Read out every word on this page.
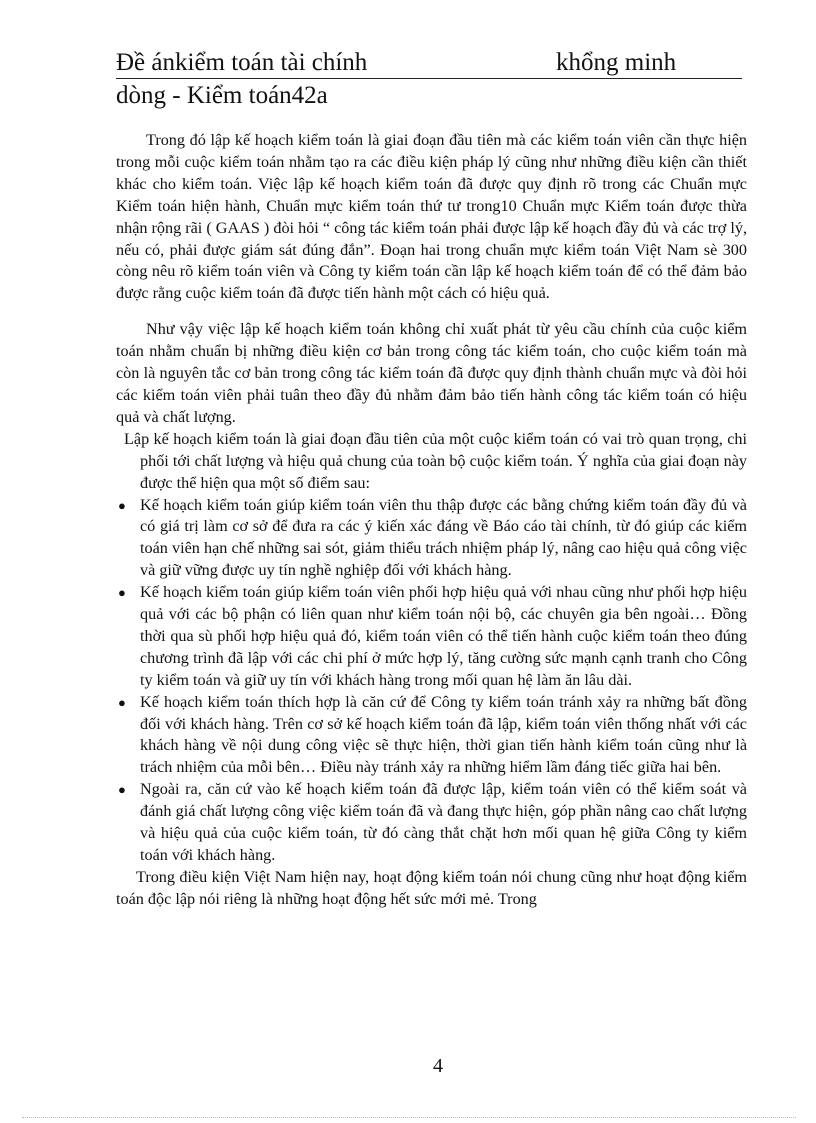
Đề ánkiểm toán tài chính	khổng minh
dòng - Kiểm toán42a

Trong đó lập kế hoạch kiểm toán là giai đoạn đầu tiên mà các kiểm toán viên cần thực hiện trong mỗi cuộc kiểm toán nhằm tạo ra các điều kiện pháp lý cũng như những điều kiện cần thiết khác cho kiểm toán. Việc lập kế hoạch kiểm toán đã được quy định rõ trong các Chuẩn mực Kiểm toán hiện hành, Chuẩn mực kiểm toán thứ tư trong10 Chuẩn mực Kiểm toán được thừa nhận rộng rãi ( GAAS ) đòi hỏi “ công tác kiểm toán phải được lập kế hoạch đầy đủ và các trợ lý, nếu có, phải được giám sát đúng đắn”. Đoạn hai trong chuẩn mực kiểm toán Việt Nam sè 300 còng nêu rõ kiểm toán viên và Công ty kiểm toán cần lập kế hoạch kiểm toán để có thể đảm bảo được rằng cuộc kiểm toán đã được tiến hành một cách có hiệu quả.

Như vậy việc lập kế hoạch kiểm toán không chỉ xuất phát từ yêu cầu chính của cuộc kiểm toán nhằm chuẩn bị những điều kiện cơ bản trong công tác kiểm toán, cho cuộc kiểm toán mà còn là nguyên tắc cơ bản trong công tác kiểm toán đã được quy định thành chuẩn mực và đòi hỏi các kiểm toán viên phải tuân theo đầy đủ nhằm đảm bảo tiến hành công tác kiểm toán có hiệu quả và chất lượng.

Lập kế hoạch kiểm toán là giai đoạn đầu tiên của một cuộc kiểm toán có vai trò quan trọng, chi phối tới chất lượng và hiệu quả chung của toàn bộ cuộc kiểm toán. Ý nghĩa của giai đoạn này được thể hiện qua một số điểm sau:

● Kế hoạch kiểm toán giúp kiểm toán viên thu thập được các bằng chứng kiểm toán đầy đủ và có giá trị làm cơ sở để đưa ra các ý kiến xác đáng về Báo cáo tài chính, từ đó giúp các kiểm toán viên hạn chế những sai sót, giảm thiểu trách nhiệm pháp lý, nâng cao hiệu quả công việc và giữ vững được uy tín nghề nghiệp đối với khách hàng.
● Kế hoạch kiểm toán giúp kiểm toán viên phối hợp hiệu quả với nhau cũng như phối hợp hiệu quả với các bộ phận có liên quan như kiểm toán nội bộ, các chuyên gia bên ngoài… Đồng thời qua sù phối hợp hiệu quả đó, kiểm toán viên có thể tiến hành cuộc kiểm toán theo đúng chương trình đã lập với các chi phí ở mức hợp lý, tăng cường sức mạnh cạnh tranh cho Công ty kiểm toán và giữ uy tín với khách hàng trong mối quan hệ làm ăn lâu dài.
● Kế hoạch kiểm toán thích hợp là căn cứ để Công ty kiểm toán tránh xảy ra những bất đồng đối với khách hàng. Trên cơ sở kế hoạch kiểm toán đã lập, kiểm toán viên thống nhất với các khách hàng về nội dung công việc sẽ thực hiện, thời gian tiến hành kiểm toán cũng như là trách nhiệm của mỗi bên… Điều này tránh xảy ra những hiểm lầm đáng tiếc giữa hai bên.
● Ngoài ra, căn cứ vào kế hoạch kiểm toán đã được lập, kiểm toán viên có thể kiểm soát và đánh giá chất lượng công việc kiểm toán đã và đang thực hiện, góp phần nâng cao chất lượng và hiệu quả của cuộc kiểm toán, từ đó càng thắt chặt hơn mối quan hệ giữa Công ty kiểm toán với khách hàng.

Trong điều kiện Việt Nam hiện nay, hoạt động kiểm toán nói chung cũng như hoạt động kiểm toán độc lập nói riêng là những hoạt động hết sức mới mẻ. Trong

4
